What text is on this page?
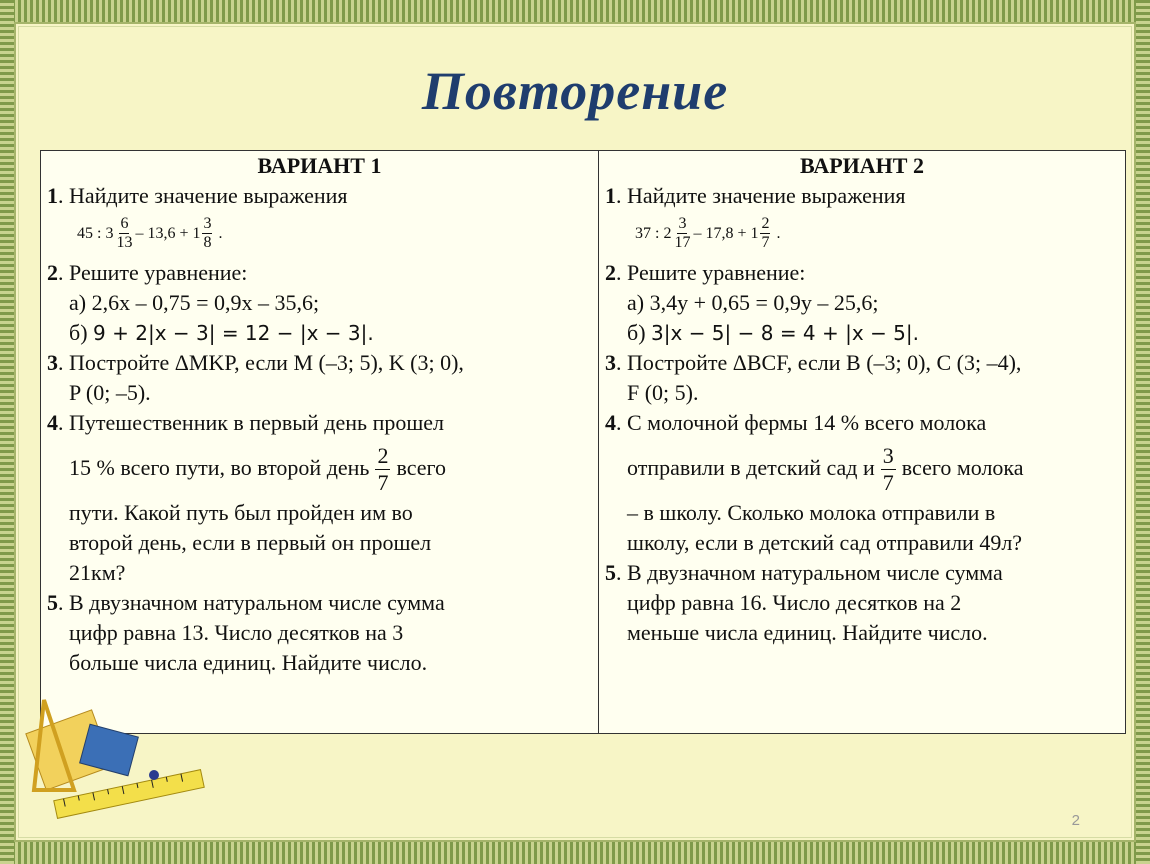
Повторение
ВАРИАНТ 1
1. Найдите значение выражения
45 : $3 \frac{6}{13} - 13,6 + 1 \frac{3}{8}$ .
2. Решите уравнение:
а) 2,6x – 0,75 = 0,9x – 35,6;
б) 9 + 2|x − 3| = 12 − |x − 3|.
3. Постройте ΔMKP, если M (–3; 5), K (3; 0),
P (0; –5).
4. Путешественник в первый день прошел
15 % всего пути, во второй день $\frac{2}{7}$ всего
пути. Какой путь был пройден им во
второй день, если в первый он прошел
21км?
5. В двузначном натуральном числе сумма
цифр равна 13. Число десятков на 3
больше числа единиц. Найдите число.

ВАРИАНТ 2
1. Найдите значение выражения
37 : $2 \frac{3}{17} - 17,8 + 1 \frac{2}{7}$ .
2. Решите уравнение:
а) 3,4y + 0,65 = 0,9y – 25,6;
б) 3|x − 5| − 8 = 4 + |x − 5|.
3. Постройте ΔBCF, если B (–3; 0), C (3; –4),
F (0; 5).
4. С молочной фермы 14 % всего молока
отправили в детский сад и $\frac{3}{7}$ всего молока
– в школу. Сколько молока отправили в
школу, если в детский сад отправили 49л?
5. В двузначном натуральном числе сумма
цифр равна 16. Число десятков на 2
меньше числа единиц. Найдите число.
2
